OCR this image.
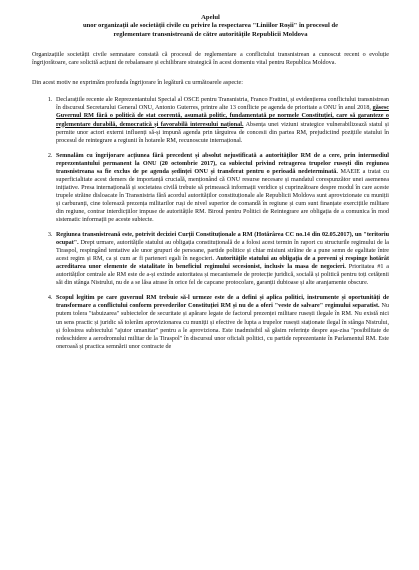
Apelul
unor organizații ale societății civile cu privire la respectarea "Liniilor Roșii" în procesul de
reglementare transnistreană de către autoritățile Republicii Moldova

Organizațiile societății civile semnatare constată că procesul de reglementare a conflictului transnistrean a cunoscut recent o evoluție îngrijorătoare, care solicită acțiuni de rebalansare și echilibrare strategică în acest domeniu vital pentru Republica Moldova.

Din acest motiv ne exprimăm profunda îngrijorare în legătură cu următoarele aspecte:

1. Declarațiile recente ale Reprezentantului Special al OSCE pentru Transnistria, Franco Frattini, și evidențierea conflictului transnistrean în discursul Secretarului General ONU, Antonio Guterres, printre alte 13 conflicte pe agenda de prioritate a ONU în anul 2018, găsesc Guvernul RM fără o politică de stat coerentă, asumată politic, fundamentată pe normele Constituției, care să garanteze o reglementare durabilă, democratică și favorabilă interesului național. Absența unei viziuni strategice vulnerabilizează statul și permite unor actori externi influenți să-și impună agenda prin târguirea de concesii din partea RM, prejudiciind pozițiile statului în procesul de reintegrare a regiunii în hotarele RM, recunoscute internațional.
2. Semnalăm cu îngrijorare acțiunea fără precedent și absolut nejustificată a autorităților RM de a cere, prin intermediul reprezentantului permanent la ONU (20 octombrie 2017), ca subiectul privind retragerea trupelor rusești din regiunea transnistreana sa fie exclus de pe agenda ședinței ONU și transferat pentru o perioadă nedeterminată. MAEIE a tratat cu superficialitate acest demers de importanță crucială, menționând că ONU resurse necesare și mandatul corespunzător unei asemenea inițiative. Presa internațională și societatea civilă trebuie să primească informații veridice și cuprinzătoare despre modul în care aceste trupele străine disloacate în Transnistria fără acordul autorităților constituționale ale Republicii Moldova sunt aprovizionate cu muniții și carburanți, cine tolerează prezența militarilor ruși de nivel superior de comandă în regiune și cum sunt finanțate exercițiile militare din regiune, contrar interdicțiilor impuse de autoritățile RM. Biroul pentru Politici de Reintegrare are obligația de a comunica în mod sistematic informații pe aceste subiecte.
3. Regiunea transnistreană este, potrivit deciziei Curții Constituționale a RM (Hotărârea CC no.14 din 02.05.2017), un "teritoriu ocupat". Drept urmare, autoritățile statului au obligația constituțională de a folosi acest termin în raport cu structurile regimului de la Tiraspol, respingând tentative ale unor grupuri de persoane, partide politice și chiar misiuni străine de a pune semn de egalitate între acest regim și RM, ca și cum ar fi parteneri egali în negocieri. Autoritățile statului au obligația de a preveni și respinge hotărât acreditarea unor elemente de statalitate în beneficiul regimului secesionist, inclusiv la masa de negocieri. Prioritatea #1 a autorităților centrale ale RM este de a-și extinde autoritatea și mecanismele de protecție juridică, socială și politică pentru toți cetățenii săi din stânga Nistrului, nu de a se lăsa atrase în orice fel de capcane protocolare, garanții dubioase și alte aranjamente obscure.
4. Scopul legitim pe care guvernul RM trebuie să-l urmeze este de a defini și aplica politici, instrumente și oportunități de transformare a conflictului conform prevederilor Constituției RM și nu de a oferi "veste de salvare" regimului separatist. Nu putem tolera "tabuizarea" subiectelor de securitate și apărare legate de factorul prezenței militare rusești ilegale în RM. Nu există nici un sens practic și juridic să tolerăm aprovizionarea cu muniții și efective de lupta a trupelor rusești staționate ilegal în stânga Nistrului, și folosirea subiectului "ajutor umanitar" pentru a le aproviziona. Este inadmisibil să găsim referințe despre așa-zisa "posibilitate de redeschidere a aerodromului militar de la Tiraspol" în discursul unor oficiali politici, cu partide reprezentante în Parlamentul RM. Este oneroasă și practica semnării unor contracte de
